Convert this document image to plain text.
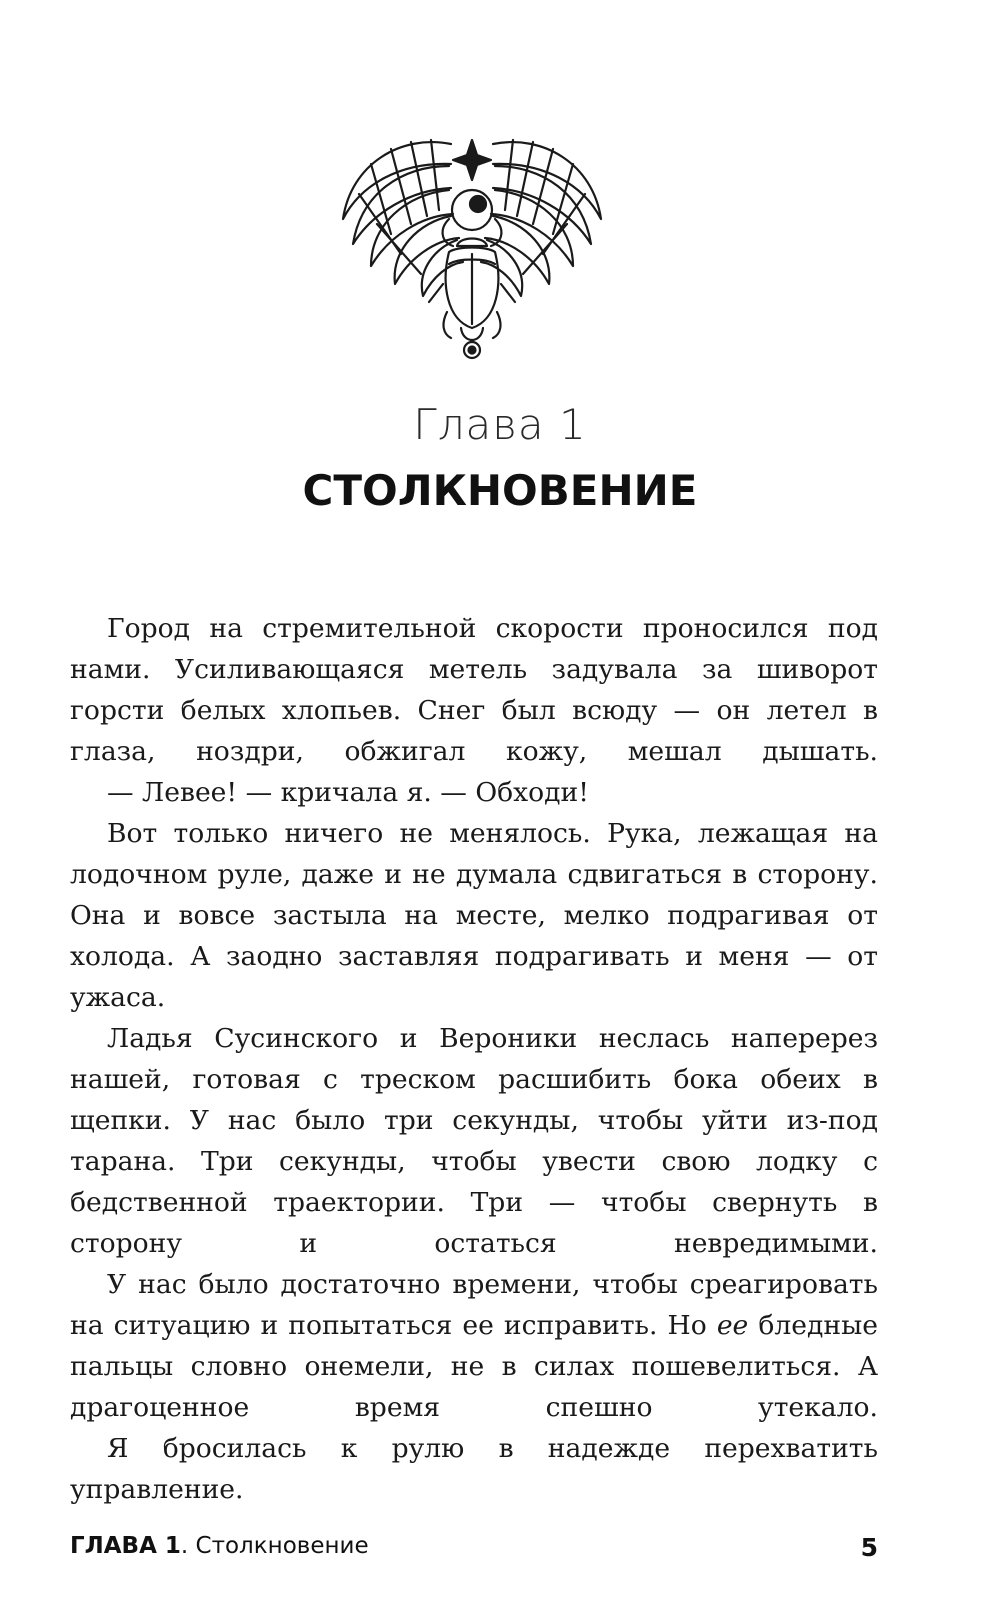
Глава 1
СТОЛКНОВЕНИЕ

Город на стремительной скорости проносился под нами. Усиливающаяся метель задувала за шиворот горсти белых хлопьев. Снег был всюду — он летел в глаза, ноздри, обжигал кожу, мешал дышать.

— Левее! — кричала я. — Обходи!

Вот только ничего не менялось. Рука, лежащая на лодочном руле, даже и не думала сдвигаться в сторону. Она и вовсе застыла на месте, мелко подрагивая от холода. А заодно заставляя подрагивать и меня — от ужаса.

Ладья Сусинского и Вероники неслась наперерез нашей, готовая с треском расшибить бока обеих в щепки. У нас было три секунды, чтобы уйти из-под тарана. Три секунды, чтобы увести свою лодку с бедственной траектории. Три — чтобы свернуть в сторону и остаться невредимыми.

У нас было достаточно времени, чтобы среагировать на ситуацию и попытаться ее исправить. Но ее бледные пальцы словно онемели, не в силах пошевелиться. А драгоценное время спешно утекало.

Я бросилась к рулю в надежде перехватить управление.

ГЛАВА 1. Столкновение	5
